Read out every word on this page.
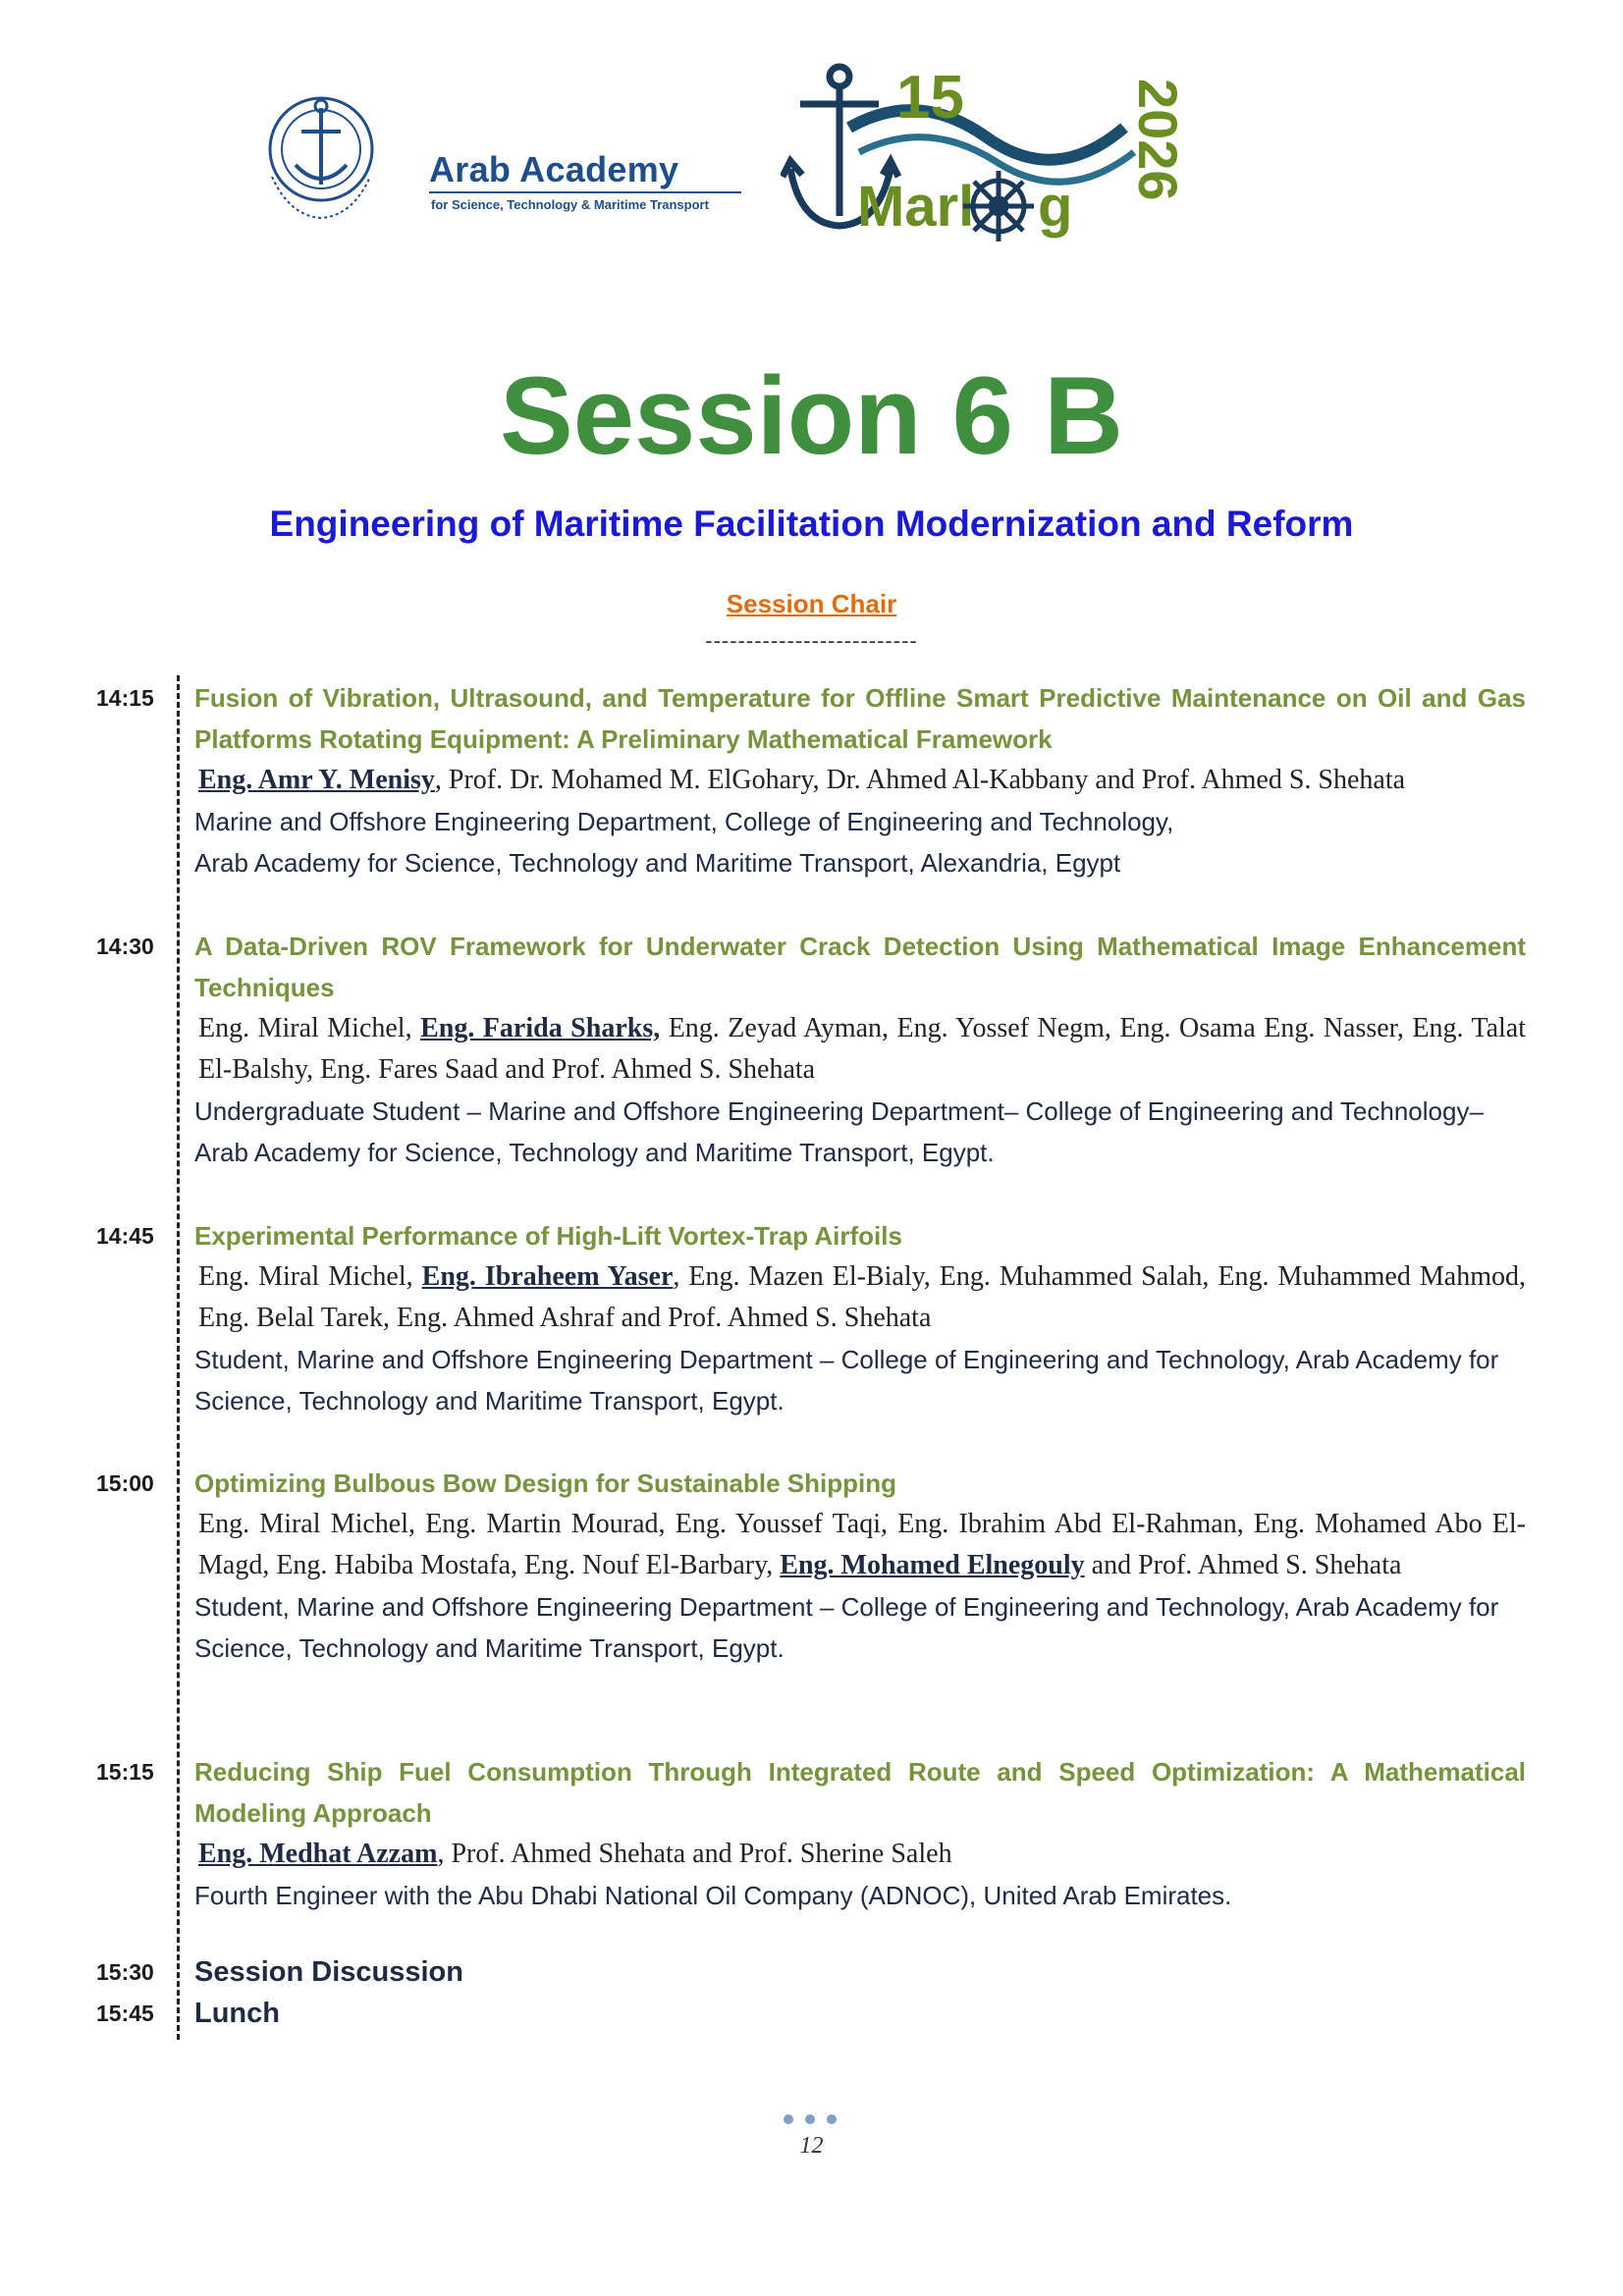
Arab Academy
for Science, Technology & Maritime Transport
15
Marl g
2026
Session 6 B
Engineering of Maritime Facilitation Modernization and Reform
Session Chair
--------------------------
14:15	Fusion of Vibration, Ultrasound, and Temperature for Offline Smart Predictive Maintenance on Oil and Gas Platforms Rotating Equipment: A Preliminary Mathematical Framework
Eng. Amr Y. Menisy, Prof. Dr. Mohamed M. ElGohary, Dr. Ahmed Al-Kabbany and Prof. Ahmed S. Shehata
Marine and Offshore Engineering Department, College of Engineering and Technology,
Arab Academy for Science, Technology and Maritime Transport, Alexandria, Egypt
14:30	A Data-Driven ROV Framework for Underwater Crack Detection Using Mathematical Image Enhancement Techniques
Eng. Miral Michel, Eng. Farida Sharks, Eng. Zeyad Ayman, Eng. Yossef Negm, Eng. Osama Eng. Nasser, Eng. Talat El-Balshy, Eng. Fares Saad and Prof. Ahmed S. Shehata
Undergraduate Student – Marine and Offshore Engineering Department– College of Engineering and Technology– Arab Academy for Science, Technology and Maritime Transport, Egypt.
14:45	Experimental Performance of High-Lift Vortex-Trap Airfoils
Eng. Miral Michel, Eng. Ibraheem Yaser, Eng. Mazen El-Bialy, Eng. Muhammed Salah, Eng. Muhammed Mahmod, Eng. Belal Tarek, Eng. Ahmed Ashraf and Prof. Ahmed S. Shehata
Student, Marine and Offshore Engineering Department – College of Engineering and Technology, Arab Academy for Science, Technology and Maritime Transport, Egypt.
15:00	Optimizing Bulbous Bow Design for Sustainable Shipping
Eng. Miral Michel, Eng. Martin Mourad, Eng. Youssef Taqi, Eng. Ibrahim Abd El-Rahman, Eng. Mohamed Abo El-Magd, Eng. Habiba Mostafa, Eng. Nouf El-Barbary, Eng. Mohamed Elnegouly and Prof. Ahmed S. Shehata
Student, Marine and Offshore Engineering Department – College of Engineering and Technology, Arab Academy for Science, Technology and Maritime Transport, Egypt.
15:15	Reducing Ship Fuel Consumption Through Integrated Route and Speed Optimization: A Mathematical Modeling Approach
Eng. Medhat Azzam, Prof. Ahmed Shehata and Prof. Sherine Saleh
Fourth Engineer with the Abu Dhabi National Oil Company (ADNOC), United Arab Emirates.
15:30	Session Discussion
15:45	Lunch
12
